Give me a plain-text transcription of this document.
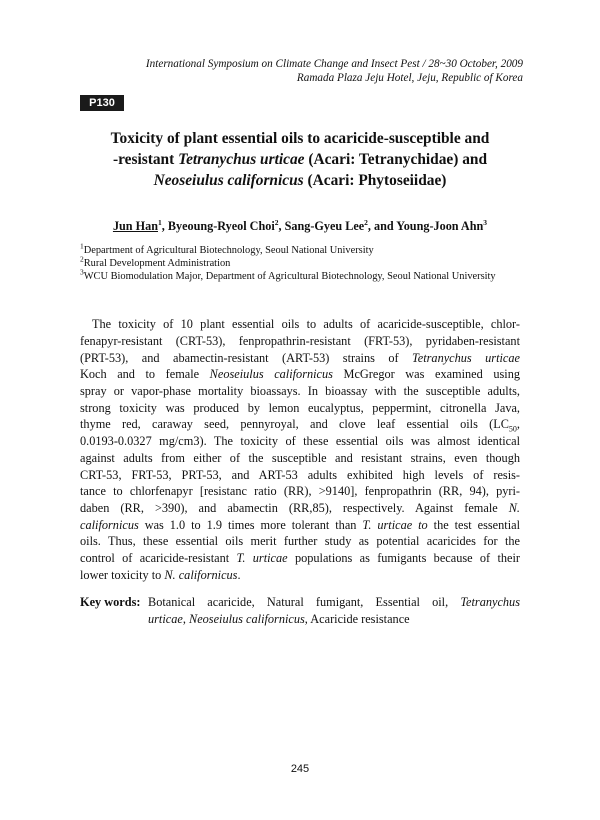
International Symposium on Climate Change and Insect Pest / 28~30 October, 2009
Ramada Plaza Jeju Hotel, Jeju, Republic of Korea
P130
Toxicity of plant essential oils to acaricide-susceptible and
-resistant Tetranychus urticae (Acari: Tetranychidae) and
Neoseiulus californicus (Acari: Phytoseiidae)
Jun Han$^1$, Byeoung-Ryeol Choi$^2$, Sang-Gyeu Lee$^2$, and Young-Joon Ahn$^3$
$^1$Department of Agricultural Biotechnology, Seoul National University
$^2$Rural Development Administration
$^3$WCU Biomodulation Major, Department of Agricultural Biotechnology, Seoul National University
The toxicity of 10 plant essential oils to adults of acaricide-susceptible, chlor-
fenapyr-resistant (CRT-53), fenpropathrin-resistant (FRT-53), pyridaben-resistant
(PRT-53), and abamectin-resistant (ART-53) strains of Tetranychus urticae
Koch and to female Neoseiulus californicus McGregor was examined using
spray or vapor-phase mortality bioassays. In bioassay with the susceptible adults,
strong toxicity was produced by lemon eucalyptus, peppermint, citronella Java,
thyme red, caraway seed, pennyroyal, and clove leaf essential oils ($LC_{50}$,
0.0193-0.0327 mg/cm3). The toxicity of these essential oils was almost identical
against adults from either of the susceptible and resistant strains, even though
CRT-53, FRT-53, PRT-53, and ART-53 adults exhibited high levels of resis-
tance to chlorfenapyr [resistanc ratio (RR), >9140], fenpropathrin (RR, 94), pyri-
daben (RR, >390), and abamectin (RR,85), respectively. Against female N.
californicus was 1.0 to 1.9 times more tolerant than T. urticae to the test essential
oils. Thus, these essential oils merit further study as potential acaricides for the
control of acaricide-resistant T. urticae populations as fumigants because of their
lower toxicity to N. californicus.
Key words: Botanical acaricide, Natural fumigant, Essential oil, Tetranychus
urticae, Neoseiulus californicus, Acaricide resistance
245
